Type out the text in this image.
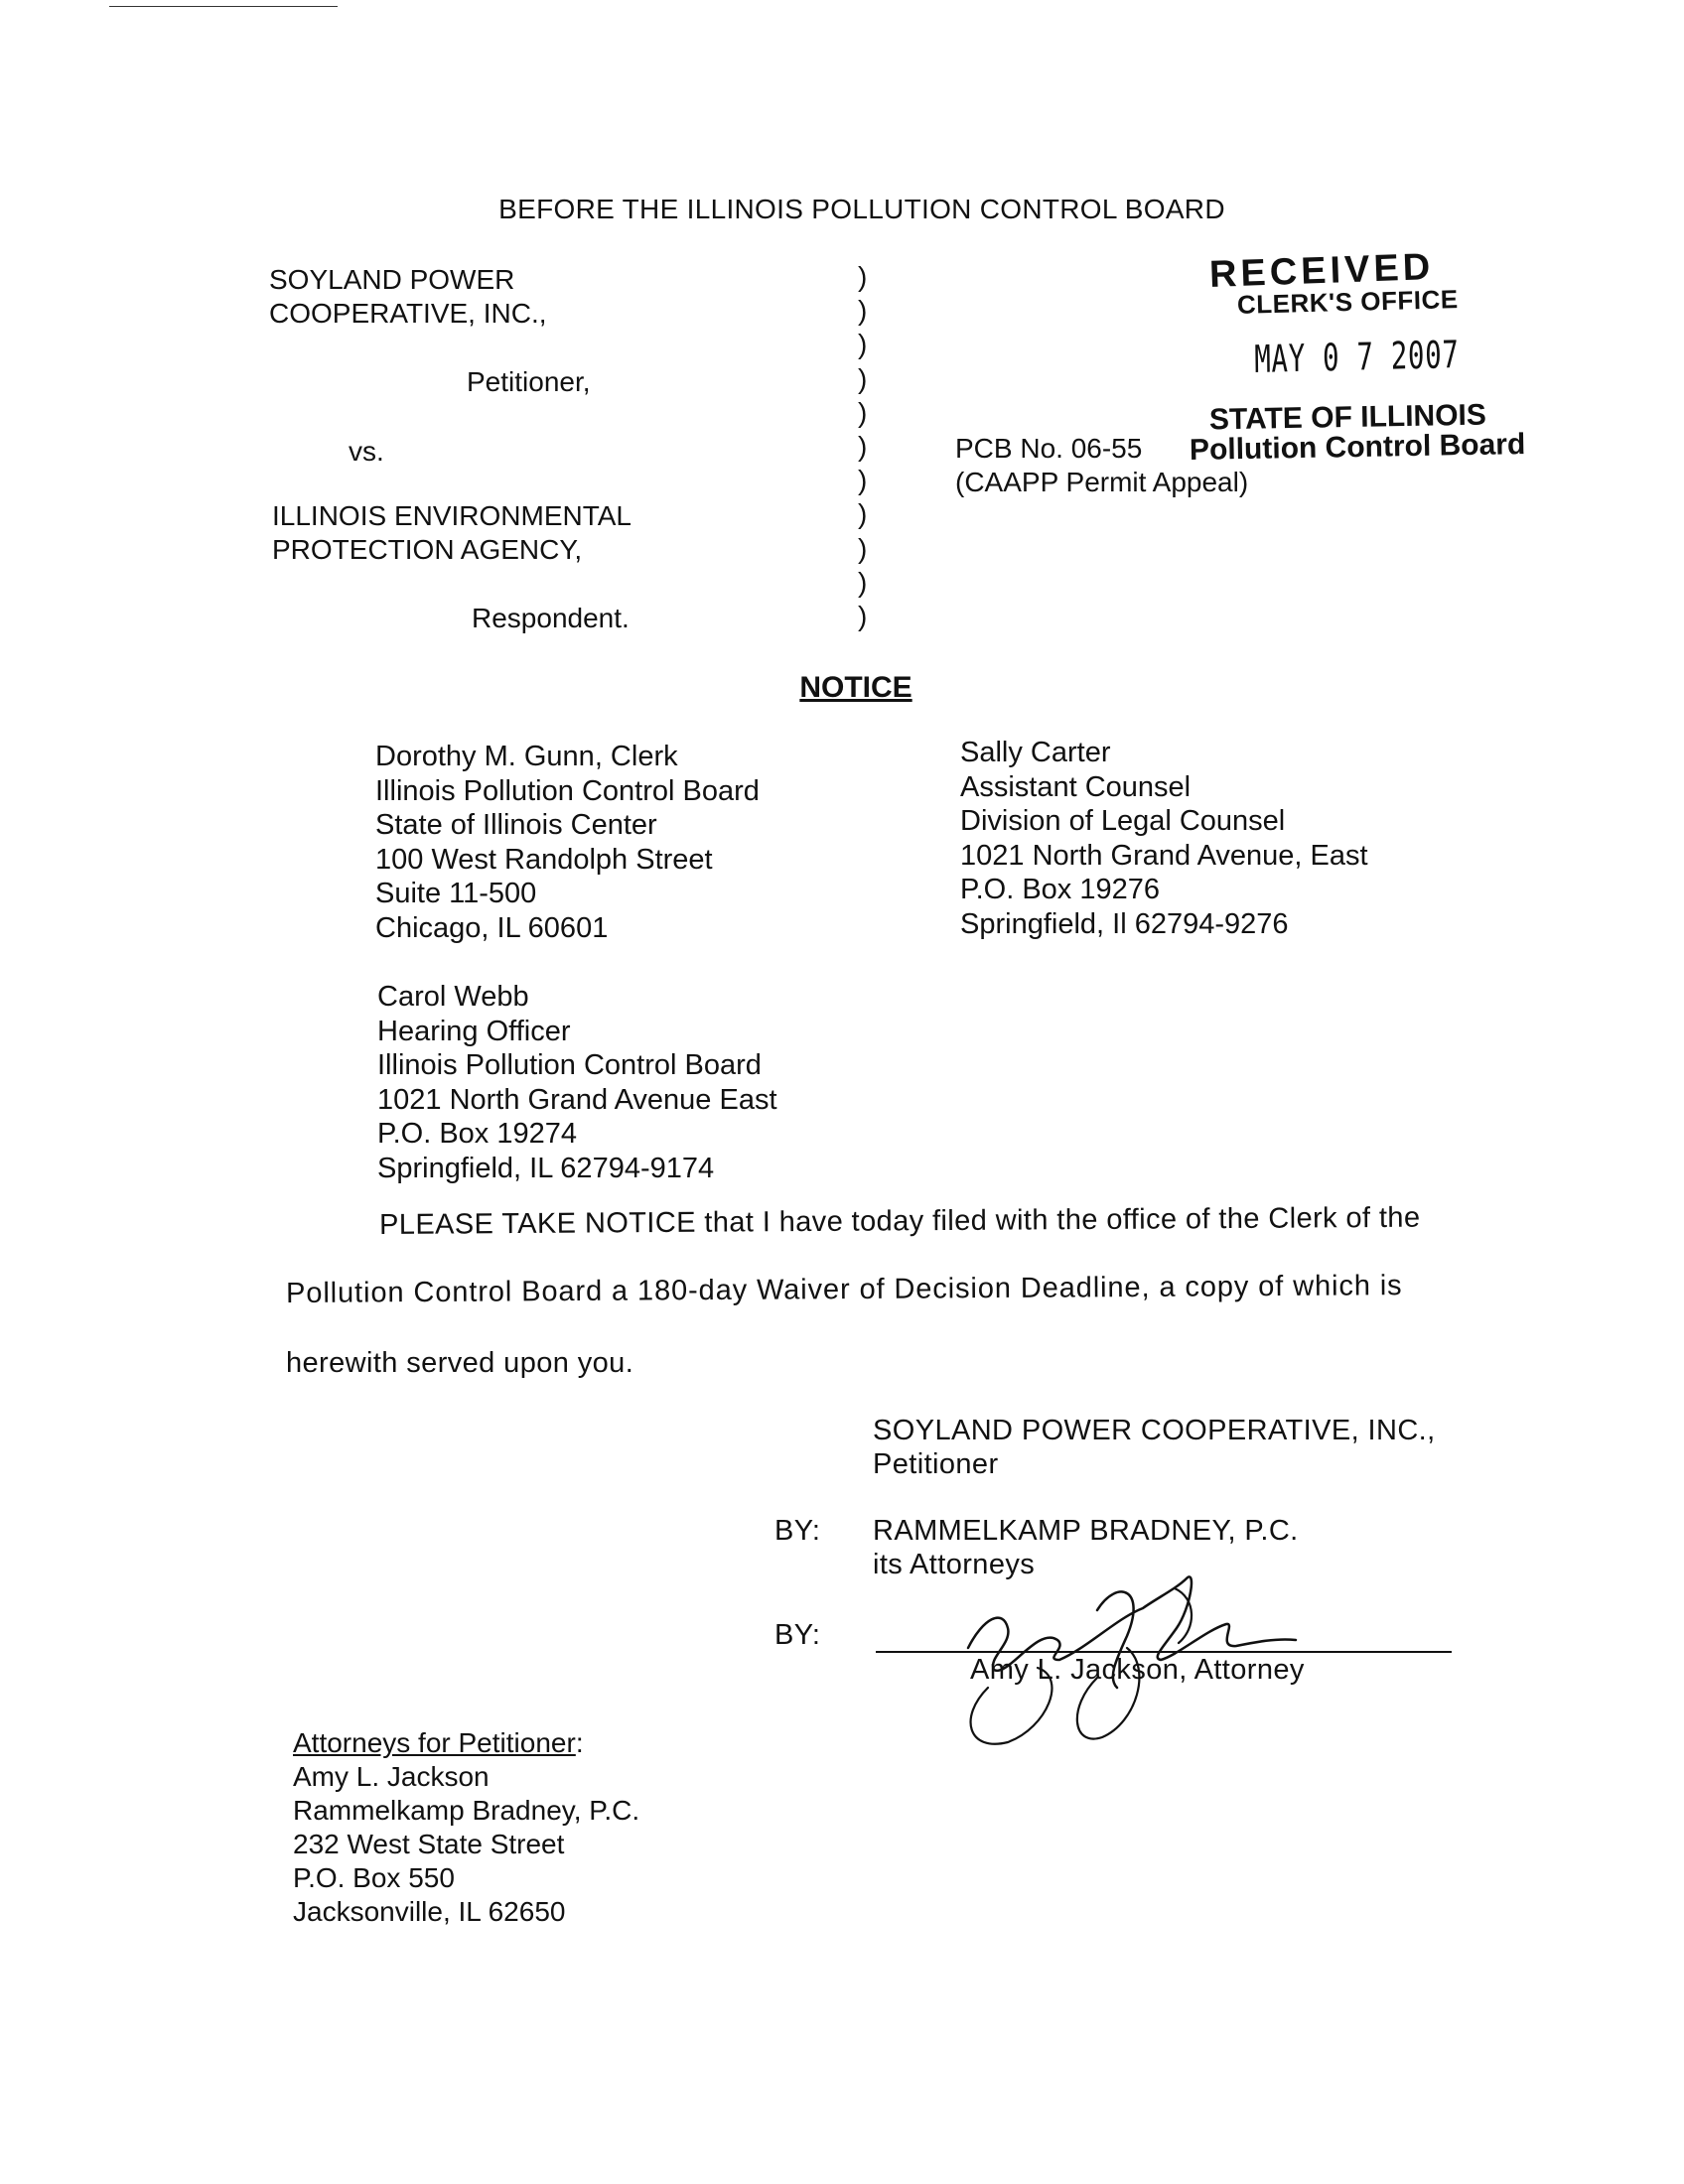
BEFORE THE ILLINOIS POLLUTION CONTROL BOARD
SOYLAND POWER
COOPERATIVE, INC.,
Petitioner,
vs.
ILLINOIS ENVIRONMENTAL
PROTECTION AGENCY,
Respondent.
)
)
)
)
)
)
)
)
)
)
)
PCB No. 06-55
(CAAPP Permit Appeal)
RECEIVED
CLERK'S OFFICE
MAY 0 7 2007
STATE OF ILLINOIS
Pollution Control Board
NOTICE
Dorothy M. Gunn, Clerk
Illinois Pollution Control Board
State of Illinois Center
100 West Randolph Street
Suite 11-500
Chicago, IL 60601
Sally Carter
Assistant Counsel
Division of Legal Counsel
1021 North Grand Avenue, East
P.O. Box 19276
Springfield, Il 62794-9276
Carol Webb
Hearing Officer
Illinois Pollution Control Board
1021 North Grand Avenue East
P.O. Box 19274
Springfield, IL 62794-9174
PLEASE TAKE NOTICE that I have today filed with the office of the Clerk of the
Pollution Control Board a 180-day Waiver of Decision Deadline, a copy of which is
herewith served upon you.
SOYLAND POWER COOPERATIVE, INC.,
Petitioner
BY: RAMMELKAMP BRADNEY, P.C.
its Attorneys
BY:
Amy L. Jackson, Attorney
Attorneys for Petitioner:
Amy L. Jackson
Rammelkamp Bradney, P.C.
232 West State Street
P.O. Box 550
Jacksonville, IL 62650
